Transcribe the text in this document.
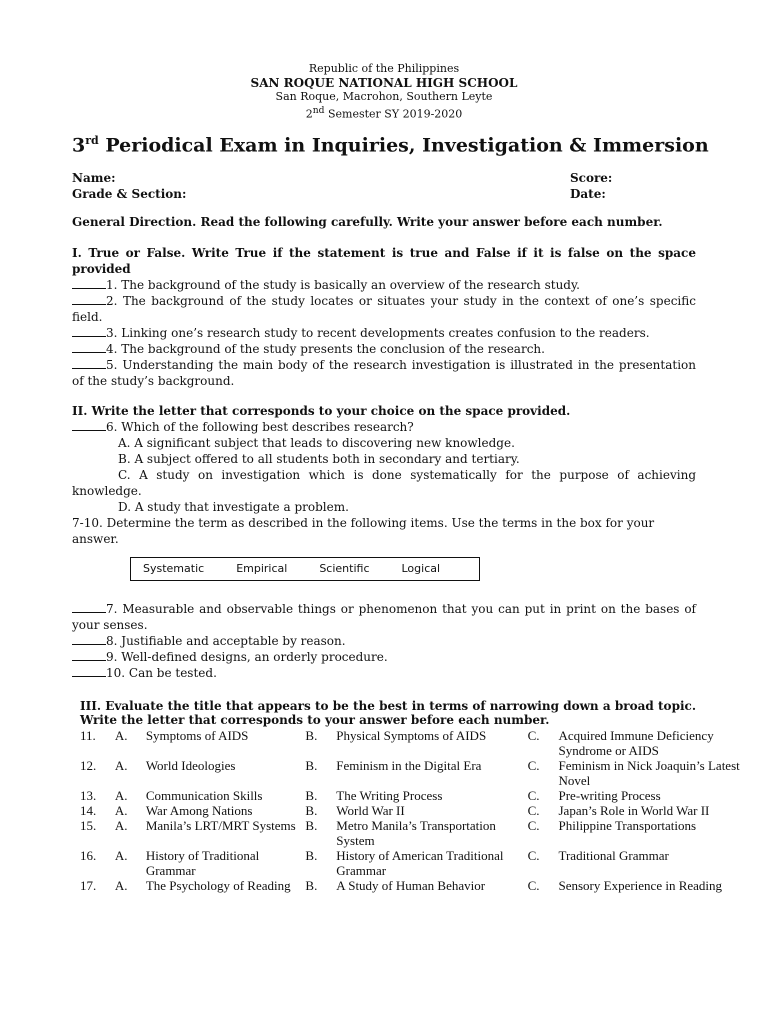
Republic of the Philippines
SAN ROQUE NATIONAL HIGH SCHOOL
San Roque, Macrohon, Southern Leyte
2nd Semester SY 2019-2020
3rd Periodical Exam in Inquiries, Investigation & Immersion
Name:	Score:
Grade & Section:	Date:
General Direction. Read the following carefully. Write your answer before each number.
I. True or False. Write True if the statement is true and False if it is false on the space provided
1. The background of the study is basically an overview of the research study.
2. The background of the study locates or situates your study in the context of one’s specific field.
3. Linking one’s research study to recent developments creates confusion to the readers.
4. The background of the study presents the conclusion of the research.
5. Understanding the main body of the research investigation is illustrated in the presentation of the study’s background.
II. Write the letter that corresponds to your choice on the space provided.
6. Which of the following best describes research?
A. A significant subject that leads to discovering new knowledge.
B. A subject offered to all students both in secondary and tertiary.
C. A study on investigation which is done systematically for the purpose of achieving knowledge.
D. A study that investigate a problem.
7-10. Determine the term as described in the following items. Use the terms in the box for your answer.
Systematic	Empirical	Scientific	Logical
7. Measurable and observable things or phenomenon that you can put in print on the bases of your senses.
8. Justifiable and acceptable by reason.
9. Well-defined designs, an orderly procedure.
10. Can be tested.
III. Evaluate the title that appears to be the best in terms of narrowing down a broad topic. Write the letter that corresponds to your answer before each number.
11.	A.	Symptoms of AIDS	B.	Physical Symptoms of AIDS	C.	Acquired Immune Deficiency Syndrome or AIDS
12.	A.	World Ideologies	B.	Feminism in the Digital Era	C.	Feminism in Nick Joaquin’s Latest Novel
13.	A.	Communication Skills	B.	The Writing Process	C.	Pre-writing Process
14.	A.	War Among Nations	B.	World War II	C.	Japan’s Role in World War II
15.	A.	Manila’s LRT/MRT Systems	B.	Metro Manila’s Transportation System	C.	Philippine Transportations
16.	A.	History of Traditional Grammar	B.	History of American Traditional Grammar	C.	Traditional Grammar
17.	A.	The Psychology of Reading	B.	A Study of Human Behavior	C.	Sensory Experience in Reading
